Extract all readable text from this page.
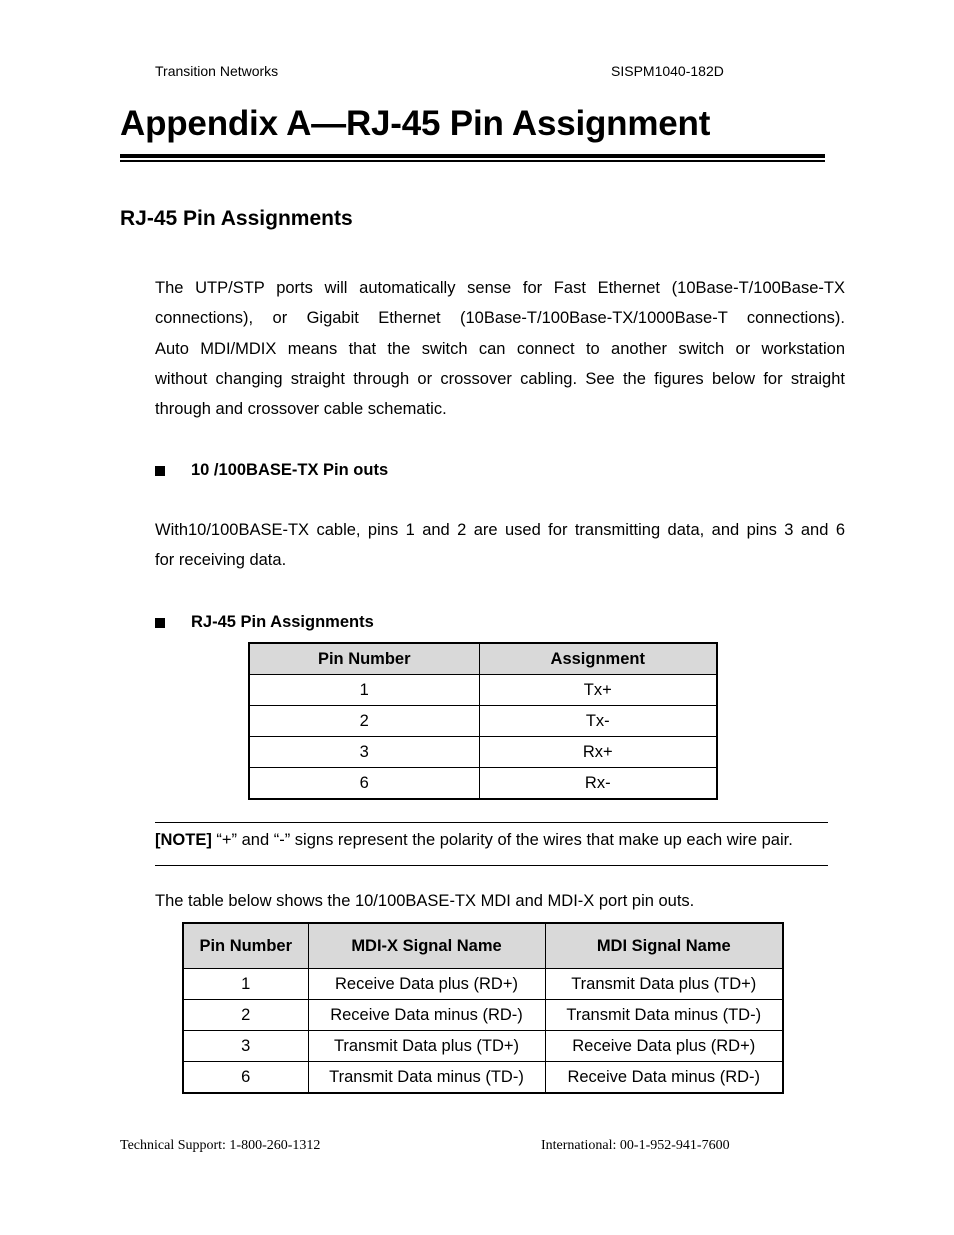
Transition Networks	SISPM1040-182D
Appendix A—RJ-45 Pin Assignment
RJ-45 Pin Assignments
The UTP/STP ports will automatically sense for Fast Ethernet (10Base-T/100Base-TX
connections), or Gigabit Ethernet (10Base-T/100Base-TX/1000Base-T connections).
Auto MDI/MDIX means that the switch can connect to another switch or workstation
without changing straight through or crossover cabling. See the figures below for straight
through and crossover cable schematic.
10 /100BASE-TX Pin outs
With10/100BASE-TX cable, pins 1 and 2 are used for transmitting data, and pins 3 and 6
for receiving data.
RJ-45 Pin Assignments
Pin Number	Assignment
1	Tx+
2	Tx-
3	Rx+
6	Rx-
[NOTE] “+” and “-” signs represent the polarity of the wires that make up each wire pair.
The table below shows the 10/100BASE-TX MDI and MDI-X port pin outs.
Pin Number	MDI-X Signal Name	MDI Signal Name
1	Receive Data plus (RD+)	Transmit Data plus (TD+)
2	Receive Data minus (RD-)	Transmit Data minus (TD-)
3	Transmit Data plus (TD+)	Receive Data plus (RD+)
6	Transmit Data minus (TD-)	Receive Data minus (RD-)
Technical Support: 1-800-260-1312	International: 00-1-952-941-7600
